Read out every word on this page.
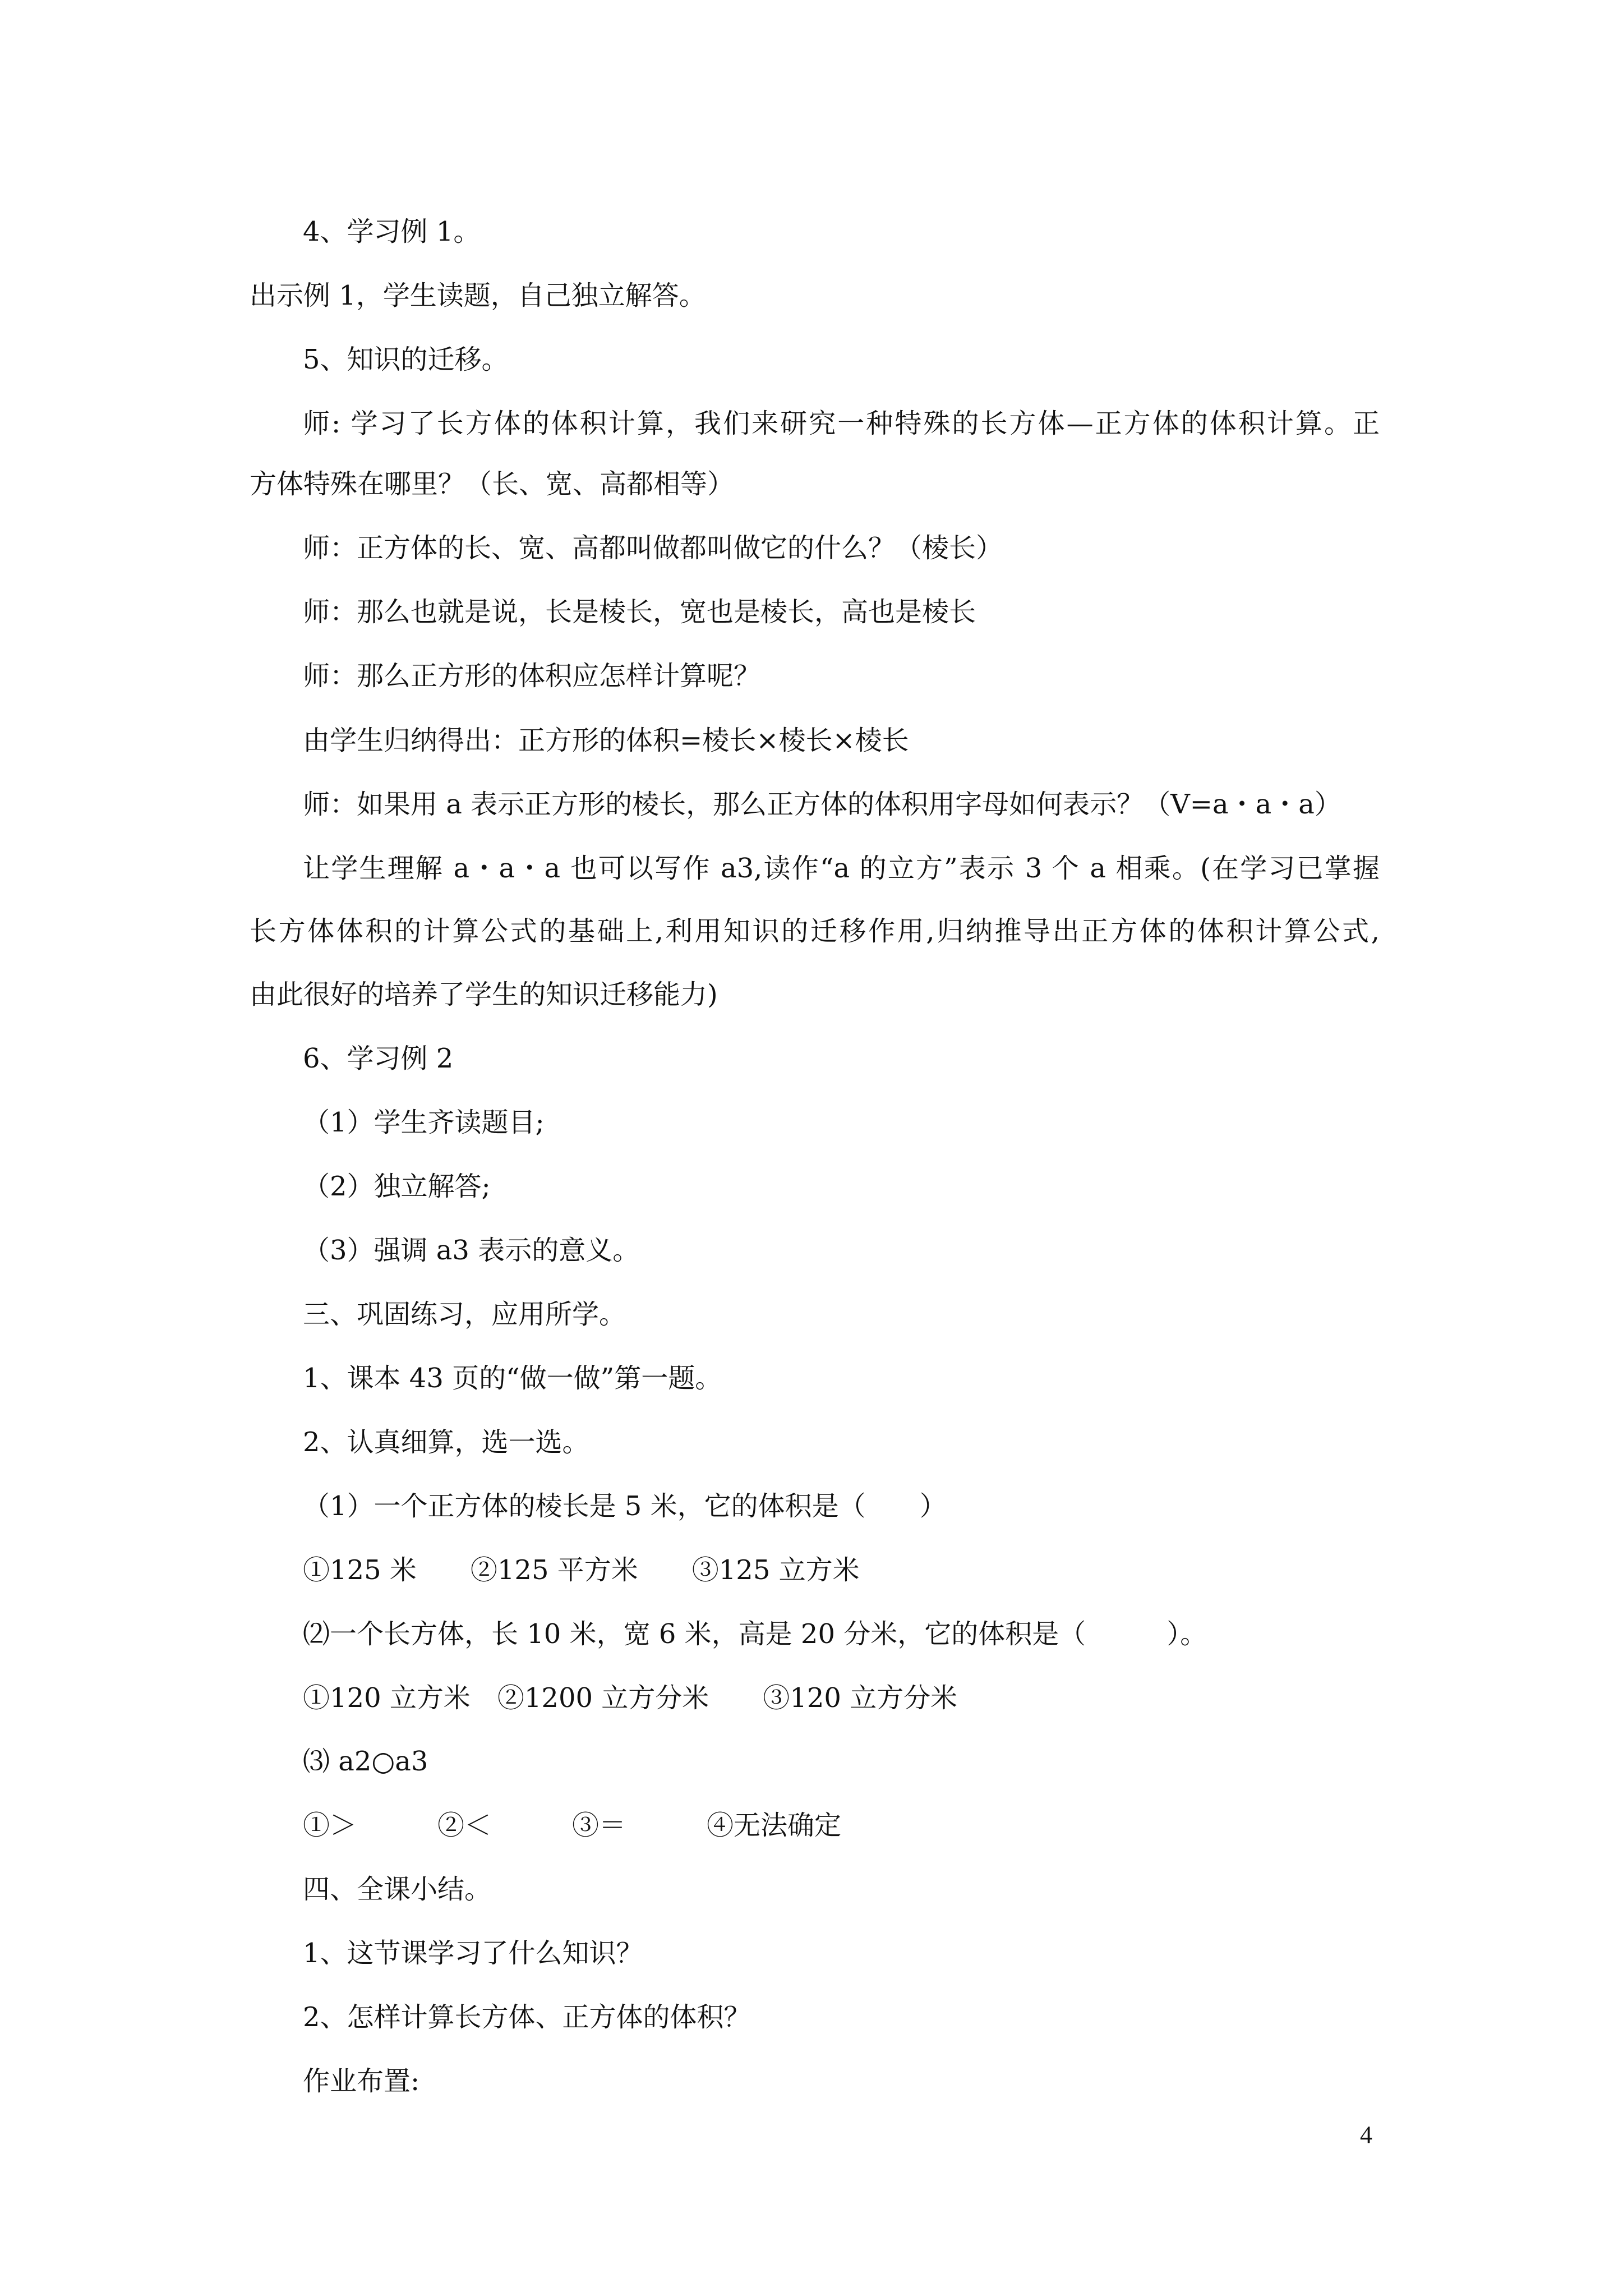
4、学习例 1。
出示例 1，学生读题，自己独立解答。
5、知识的迁移。
师: 学习了长方体的体积计算，我们来研究一种特殊的长方体—正方体的体积计算。正
方体特殊在哪里？（长、宽、高都相等）
师：正方体的长、宽、高都叫做都叫做它的什么？（棱长）
师：那么也就是说，长是棱长，宽也是棱长，高也是棱长
师：那么正方形的体积应怎样计算呢？
由学生归纳得出：正方形的体积=棱长×棱长×棱长
师：如果用 a 表示正方形的棱长，那么正方体的体积用字母如何表示？（V=a・a・a）
让学生理解 a・a・a 也可以写作 a3,读作“a 的立方”表示 3 个 a 相乘。(在学习已掌握
长方体体积的计算公式的基础上,利用知识的迁移作用,归纳推导出正方体的体积计算公式,
由此很好的培养了学生的知识迁移能力)
6、学习例 2
（1）学生齐读题目;
（2）独立解答;
（3）强调 a3 表示的意义。
三、巩固练习，应用所学。
1、课本 43 页的“做一做”第一题。
2、认真细算，选一选。
（1）一个正方体的棱长是 5 米，它的体积是（　　）
①125 米　　②125 平方米　　③125 立方米
⑵一个长方体，长 10 米，宽 6 米，高是 20 分米，它的体积是（　　　）。
①120 立方米　②1200 立方分米　　③120 立方分米
⑶ a2○a3
①＞　　　②＜　　　③＝　　　④无法确定
四、全课小结。
1、这节课学习了什么知识？
2、怎样计算长方体、正方体的体积？
作业布置:
4
